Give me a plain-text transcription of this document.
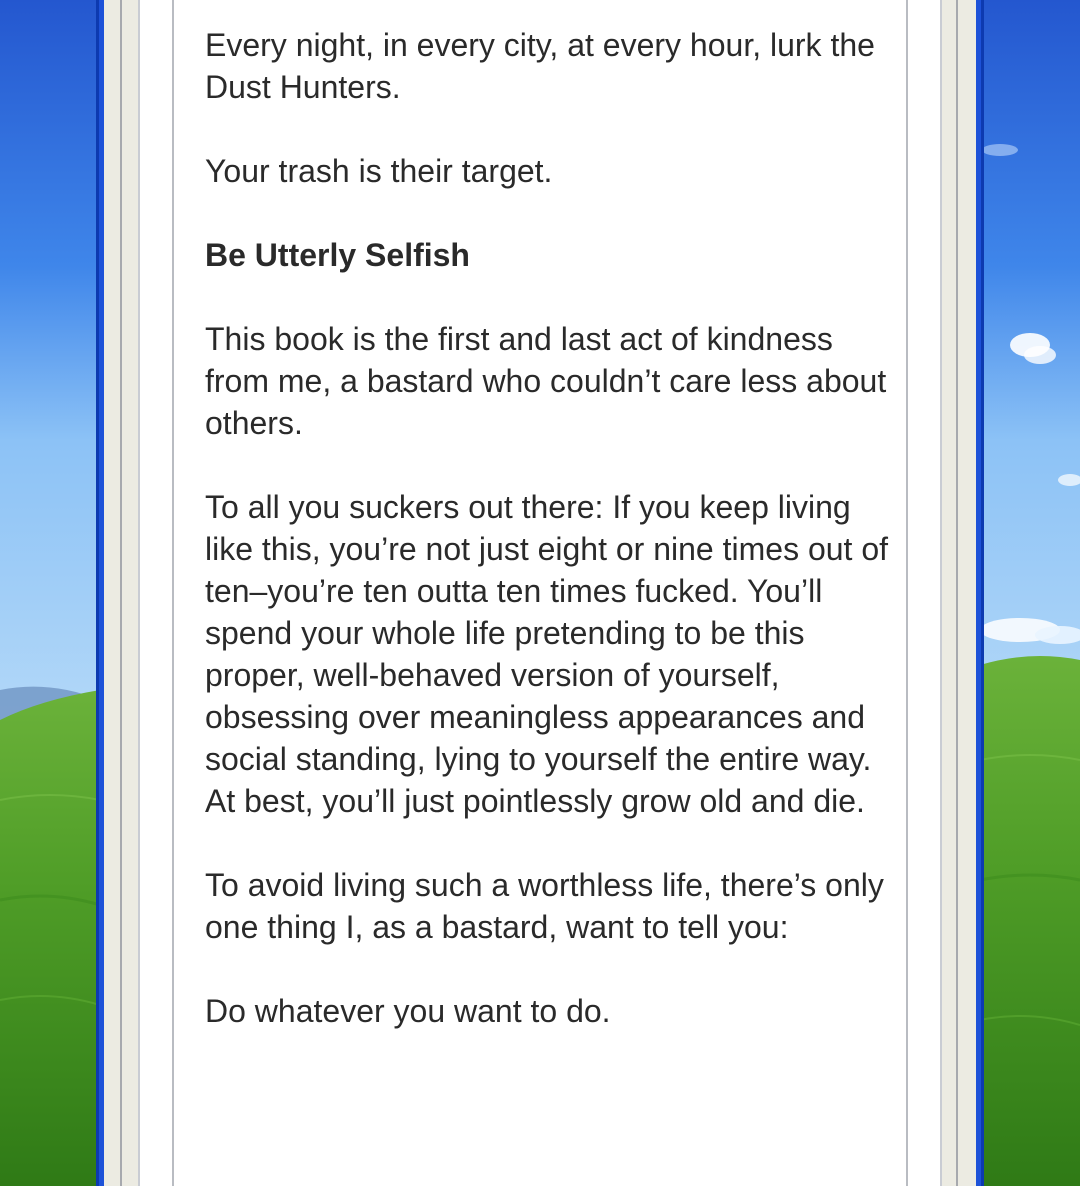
Every night, in every city, at every hour, lurk the Dust Hunters.

Your trash is their target.

Be Utterly Selfish

This book is the first and last act of kindness from me, a bastard who couldn’t care less about others.

To all you suckers out there: If you keep living like this, you’re not just eight or nine times out of ten–you’re ten outta ten times fucked. You’ll spend your whole life pretending to be this proper, well-behaved version of yourself, obsessing over meaningless appearances and social standing, lying to yourself the entire way. At best, you’ll just pointlessly grow old and die.

To avoid living such a worthless life, there’s only one thing I, as a bastard, want to tell you:

Do whatever you want to do.
